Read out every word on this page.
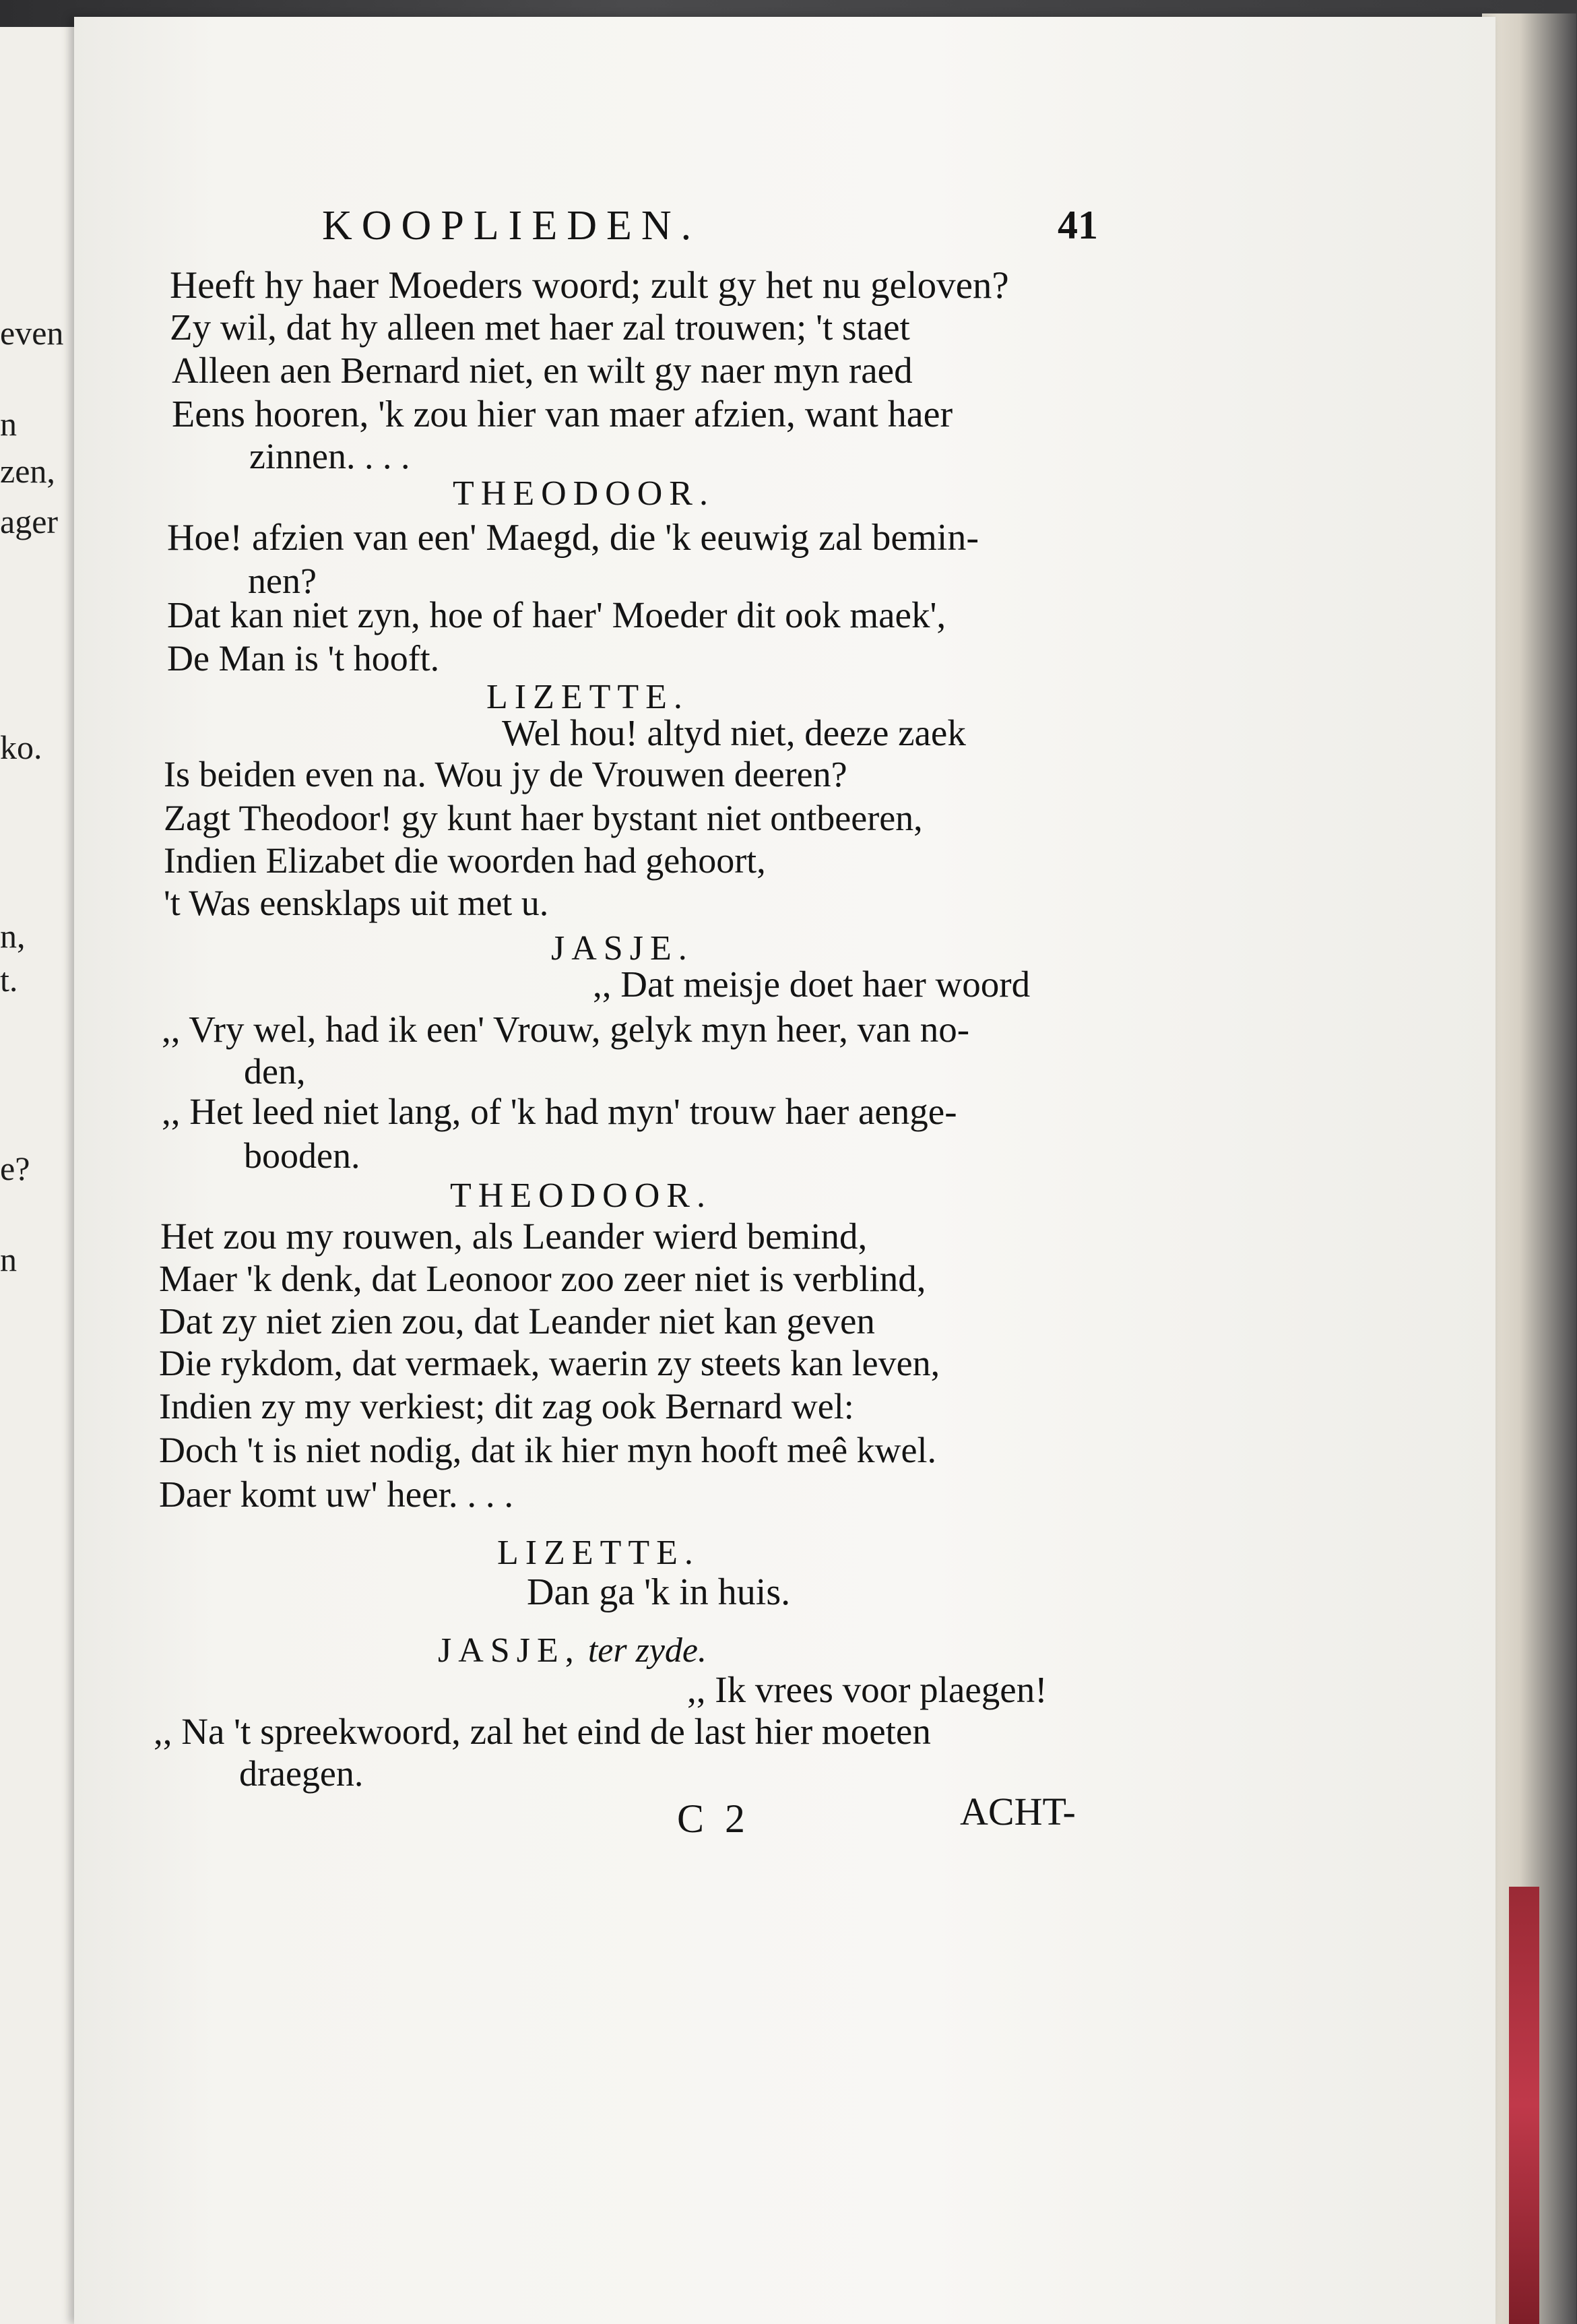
even
n
zen,
ager
ko.
n,
t.
e?
n
KOOPLIEDEN.	41
Heeft hy haer Moeders woord; zult gy het nu geloven?
Zy wil, dat hy alleen met haer zal trouwen; 't staet
Alleen aen Bernard niet, en wilt gy naer myn raed
Eens hooren, 'k zou hier van maer afzien, want haer
zinnen. . . .
THEODOOR.
Hoe! afzien van een' Maegd, die 'k eeuwig zal bemin-
nen?
Dat kan niet zyn, hoe of haer' Moeder dit ook maek',
De Man is 't hooft.
LIZETTE.
Wel hou! altyd niet, deeze zaek
Is beiden even na. Wou jy de Vrouwen deeren?
Zagt Theodoor! gy kunt haer bystant niet ontbeeren,
Indien Elizabet die woorden had gehoort,
't Was eensklaps uit met u.
JASJE.
,, Dat meisje doet haer woord
,, Vry wel, had ik een' Vrouw, gelyk myn heer, van no-
den,
,, Het leed niet lang, of 'k had myn' trouw haer aenge-
booden.
THEODOOR.
Het zou my rouwen, als Leander wierd bemind,
Maer 'k denk, dat Leonoor zoo zeer niet is verblind,
Dat zy niet zien zou, dat Leander niet kan geven
Die rykdom, dat vermaek, waerin zy steets kan leven,
Indien zy my verkiest; dit zag ook Bernard wel:
Doch 't is niet nodig, dat ik hier myn hooft meê kwel.
Daer komt uw' heer. . . .
LIZETTE.
Dan ga 'k in huis.
JASJE, ter zyde.
,, Ik vrees voor plaegen!
,, Na 't spreekwoord, zal het eind de last hier moeten
draegen.
C 2	ACHT-
